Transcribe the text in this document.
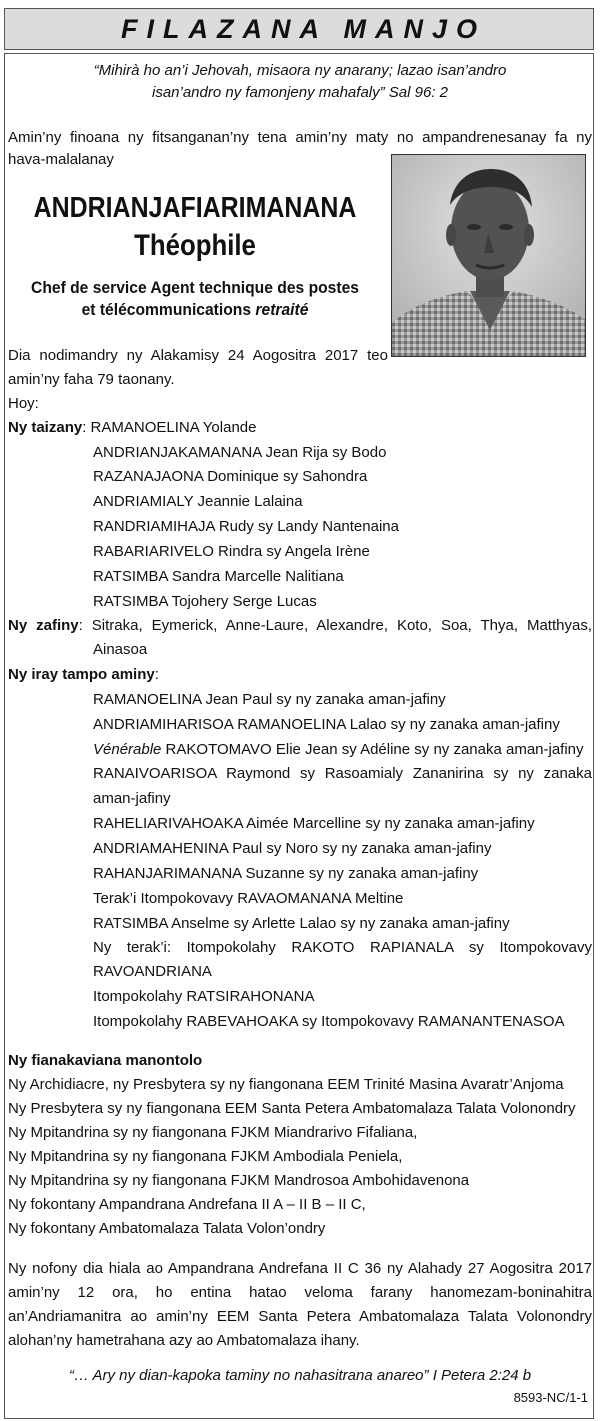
FILAZANA MANJO
“Mihirà ho an’i Jehovah, misaora ny anarany; lazao isan’andro
isan’andro ny famonjeny mahafaly” Sal 96: 2
Amin’ny finoana ny fitsanganan’ny tena amin’ny maty no ampandrenesanay fa ny
hava-malalanay
ANDRIANJAFIARIMANANA
Théophile
Chef de service Agent technique des postes
et télécommunications retraité
Dia nodimandry ny Alakamisy 24 Aogositra 2017 teo
amin’ny faha 79 taonany.
Hoy:
Ny taizany: RAMANOELINA Yolande
ANDRIANJAKAMANANA Jean Rija sy Bodo
RAZANAJAONA Dominique sy Sahondra
ANDRIAMIALY Jeannie Lalaina
RANDRIAMIHAJA Rudy sy Landy Nantenaina
RABARIARIVELO Rindra sy Angela Irène
RATSIMBA Sandra Marcelle Nalitiana
RATSIMBA Tojohery Serge Lucas
Ny zafiny: Sitraka, Eymerick, Anne-Laure, Alexandre, Koto, Soa, Thya, Matthyas,
Ainasoa
Ny iray tampo aminy:
RAMANOELINA Jean Paul sy ny zanaka aman-jafiny
ANDRIAMIHARISOA RAMANOELINA Lalao sy ny zanaka aman-jafiny
Vénérable RAKOTOMAVO Elie Jean sy Adéline sy ny zanaka aman-jafiny
RANAIVOARISOA Raymond sy Rasoamialy Zananirina sy ny zanaka
aman-jafiny
RAHELIARIVAHOAKA Aimée Marcelline sy ny zanaka aman-jafiny
ANDRIAMAHENINA Paul sy Noro sy ny zanaka aman-jafiny
RAHANJARIMANANA Suzanne sy ny zanaka aman-jafiny
Terak’i Itompokovavy RAVAOMANANA Meltine
RATSIMBA Anselme sy Arlette Lalao sy ny zanaka aman-jafiny
Ny terak’i: Itompokolahy RAKOTO RAPIANALA sy Itompokovavy
RAVOANDRIANA
Itompokolahy RATSIRAHONANA
Itompokolahy RABEVAHOAKA sy Itompokovavy RAMANANTENASOA
Ny fianakaviana manontolo
Ny Archidiacre, ny Presbytera sy ny fiangonana EEM Trinité Masina Avaratr’Anjoma
Ny Presbytera sy ny fiangonana EEM Santa Petera Ambatomalaza Talata Volonondry
Ny Mpitandrina sy ny fiangonana FJKM Miandrarivo Fifaliana,
Ny Mpitandrina sy ny fiangonana FJKM Ambodiala Peniela,
Ny Mpitandrina sy ny fiangonana FJKM Mandrosoa Ambohidavenona
Ny fokontany Ampandrana Andrefana II A – II B – II C,
Ny fokontany Ambatomalaza Talata Volon’ondry
Ny nofony dia hiala ao Ampandrana Andrefana II C 36 ny Alahady 27 Aogositra 2017
amin’ny 12 ora, ho entina hatao veloma farany hanomezam-boninahitra
an’Andriamanitra ao amin’ny EEM Santa Petera Ambatomalaza Talata Volonondry
alohan’ny hametrahana azy ao Ambatomalaza ihany.
“… Ary ny dian-kapoka taminy no nahasitrana anareo” I Petera 2:24 b
8593-NC/1-1
